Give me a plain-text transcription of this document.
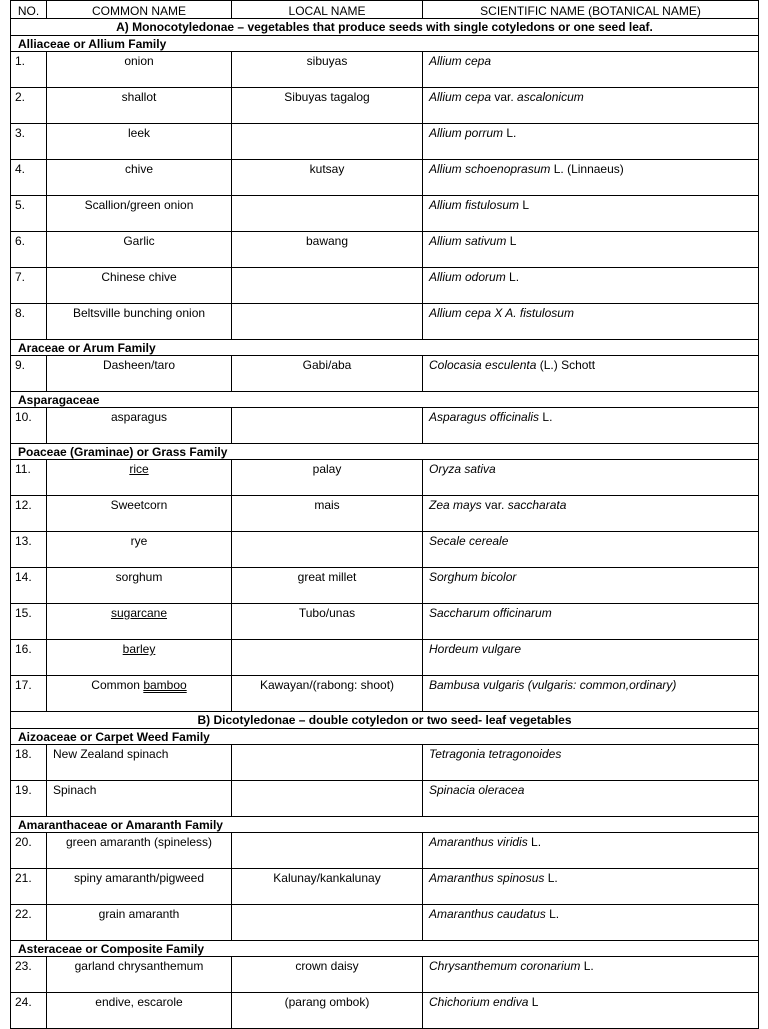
NO.	COMMON NAME	LOCAL NAME	SCIENTIFIC NAME (BOTANICAL NAME)
A) Monocotyledonae – vegetables that produce seeds with single cotyledons or one seed leaf.			
Alliaceae or Allium Family			
1.	onion	sibuyas	Allium cepa
2.	shallot	Sibuyas tagalog	Allium cepa var. ascalonicum
3.	leek		Allium porrum L.
4.	chive	kutsay	Allium schoenoprasum L. (Linnaeus)
5.	Scallion/green onion		Allium fistulosum L
6.	Garlic	bawang	Allium sativum L
7.	Chinese chive		Allium odorum L.
8.	Beltsville bunching onion		Allium cepa X A. fistulosum
Araceae or Arum Family			
9.	Dasheen/taro	Gabi/aba	Colocasia esculenta (L.) Schott
Asparagaceae			
10.	asparagus		Asparagus officinalis L.
Poaceae (Graminae) or Grass Family			
11.	rice	palay	Oryza sativa
12.	Sweetcorn	mais	Zea mays var. saccharata
13.	rye		Secale cereale
14.	sorghum	great millet	Sorghum bicolor
15.	sugarcane	Tubo/unas	Saccharum officinarum
16.	barley		Hordeum vulgare
17.	Common bamboo	Kawayan/(rabong: shoot)	Bambusa vulgaris (vulgaris: common,ordinary)
B) Dicotyledonae – double cotyledon or two seed- leaf vegetables			
Aizoaceae or Carpet Weed Family			
18.	New Zealand spinach		Tetragonia tetragonoides
19.	Spinach		Spinacia oleracea
Amaranthaceae or Amaranth Family			
20.	green amaranth (spineless)		Amaranthus viridis L.
21.	spiny amaranth/pigweed	Kalunay/kankalunay	Amaranthus spinosus L.
22.	grain amaranth		Amaranthus caudatus L.
Asteraceae or Composite Family			
23.	garland chrysanthemum	crown daisy	Chrysanthemum coronarium L.
24.	endive, escarole	(parang ombok)	Chichorium endiva L
